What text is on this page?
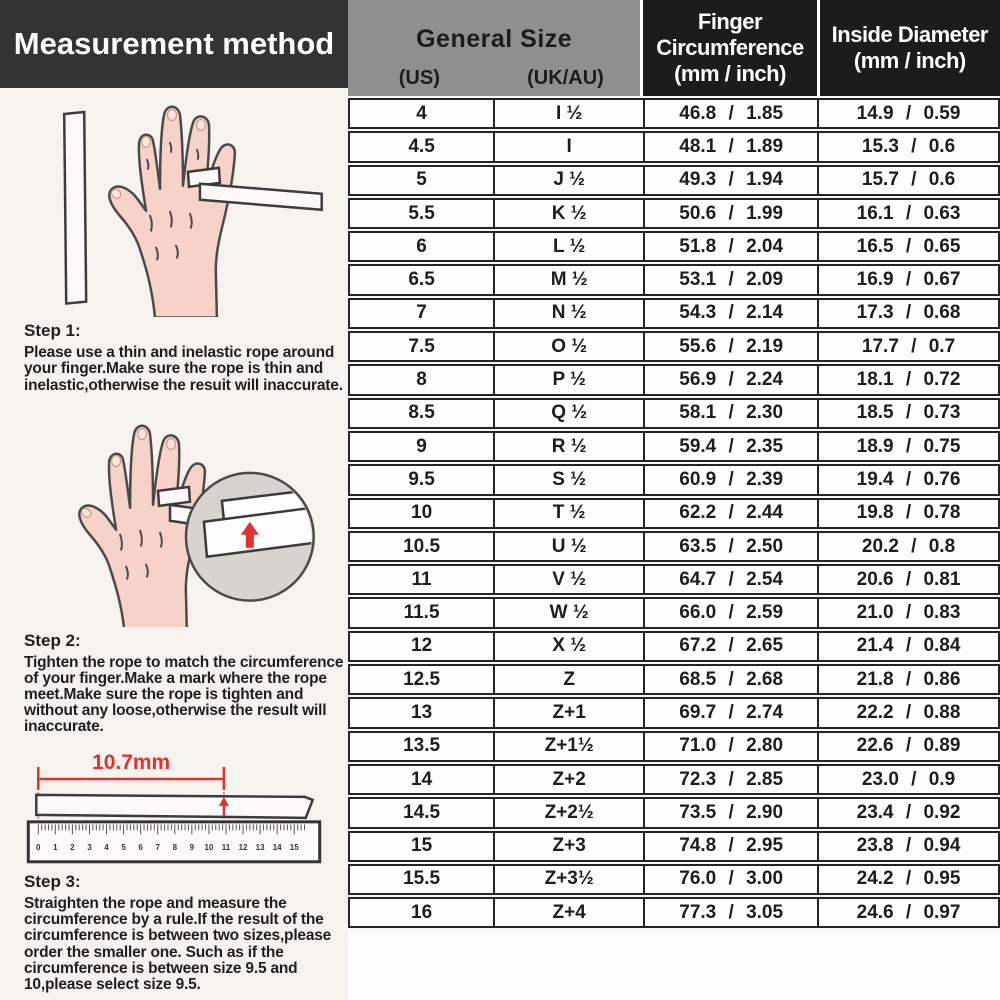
Measurement method
Step 1:
Please use a thin and inelastic rope around your finger.Make sure the rope is thin and inelastic,otherwise the resuit will inaccurate.
Step 2:
Tighten the rope to match the circumference of your finger.Make a mark where the rope meet.Make sure the rope is tighten and without any loose,otherwise the result will inaccurate.
10.7mm
0 1 2 3 4 5 6 7 8 9 10 11 12 13 14 15
Step 3:
Straighten the rope and measure the circumference by a rule.If the result of the circumference is between two sizes,please order the smaller one. Such as if the circumference is between size 9.5 and 10,please select size 9.5.
General Size
(US)	(UK/AU)
Finger
Circumference
(mm / inch)
Inside Diameter
(mm / inch)
4	I ½	46.8 / 1.85	14.9 / 0.59
4.5	I	48.1 / 1.89	15.3 / 0.6
5	J ½	49.3 / 1.94	15.7 / 0.6
5.5	K ½	50.6 / 1.99	16.1 / 0.63
6	L ½	51.8 / 2.04	16.5 / 0.65
6.5	M ½	53.1 / 2.09	16.9 / 0.67
7	N ½	54.3 / 2.14	17.3 / 0.68
7.5	O ½	55.6 / 2.19	17.7 / 0.7
8	P ½	56.9 / 2.24	18.1 / 0.72
8.5	Q ½	58.1 / 2.30	18.5 / 0.73
9	R ½	59.4 / 2.35	18.9 / 0.75
9.5	S ½	60.9 / 2.39	19.4 / 0.76
10	T ½	62.2 / 2.44	19.8 / 0.78
10.5	U ½	63.5 / 2.50	20.2 / 0.8
11	V ½	64.7 / 2.54	20.6 / 0.81
11.5	W ½	66.0 / 2.59	21.0 / 0.83
12	X ½	67.2 / 2.65	21.4 / 0.84
12.5	Z	68.5 / 2.68	21.8 / 0.86
13	Z+1	69.7 / 2.74	22.2 / 0.88
13.5	Z+1½	71.0 / 2.80	22.6 / 0.89
14	Z+2	72.3 / 2.85	23.0 / 0.9
14.5	Z+2½	73.5 / 2.90	23.4 / 0.92
15	Z+3	74.8 / 2.95	23.8 / 0.94
15.5	Z+3½	76.0 / 3.00	24.2 / 0.95
16	Z+4	77.3 / 3.05	24.6 / 0.97
